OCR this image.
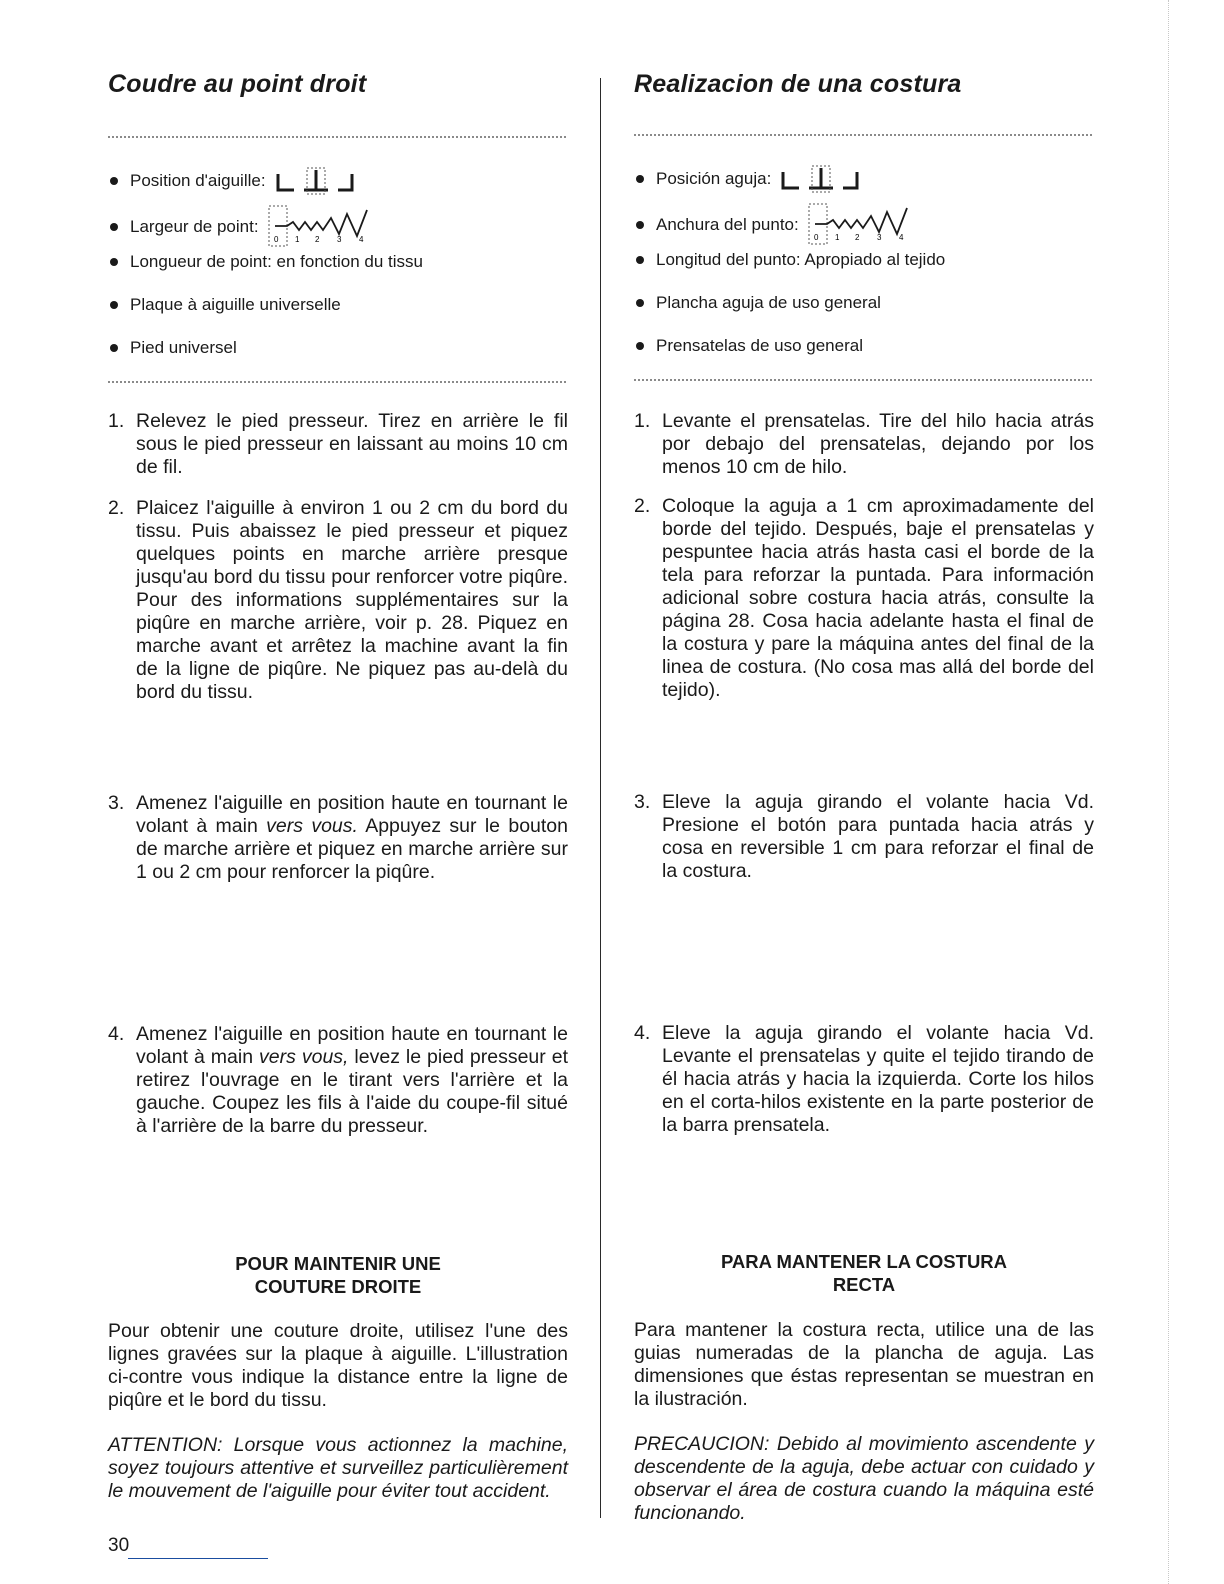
Coudre au point droit
Position d'aiguille:
Largeur de point:
0 1 2 3 4
Longueur de point: en fonction du tissu
Plaque à aiguille universelle
Pied universel
1. Relevez le pied presseur. Tirez en arrière le fil sous le pied presseur en laissant au moins 10 cm de fil.
2. Plaicez l'aiguille à environ 1 ou 2 cm du bord du tissu. Puis abaissez le pied presseur et piquez quelques points en marche arrière presque jusqu'au bord du tissu pour renforcer votre piqûre. Pour des informations supplémentaires sur la piqûre en marche arrière, voir p. 28. Piquez en marche avant et arrêtez la machine avant la fin de la ligne de piqûre. Ne piquez pas au-delà du bord du tissu.
3. Amenez l'aiguille en position haute en tournant le volant à main vers vous. Appuyez sur le bouton de marche arrière et piquez en marche arrière sur 1 ou 2 cm pour renforcer la piqûre.
4. Amenez l'aiguille en position haute en tournant le volant à main vers vous, levez le pied presseur et retirez l'ouvrage en le tirant vers l'arrière et la gauche. Coupez les fils à l'aide du coupe-fil situé à l'arrière de la barre du presseur.
POUR MAINTENIR UNE
COUTURE DROITE

Pour obtenir une couture droite, utilisez l'une des lignes gravées sur la plaque à aiguille. L'illustration ci-contre vous indique la distance entre la ligne de piqûre et le bord du tissu.

ATTENTION: Lorsque vous actionnez la machine, soyez toujours attentive et surveillez particulièrement le mouvement de l'aiguille pour éviter tout accident.

Realizacion de una costura
Posición aguja:
Anchura del punto:
0 1 2 3 4
Longitud del punto: Apropiado al tejido
Plancha aguja de uso general
Prensatelas de uso general
1. Levante el prensatelas. Tire del hilo hacia atrás por debajo del prensatelas, dejando por los menos 10 cm de hilo.
2. Coloque la aguja a 1 cm aproximadamente del borde del tejido. Después, baje el prensatelas y pespuntee hacia atrás hasta casi el borde de la tela para reforzar la puntada. Para información adicional sobre costura hacia atrás, consulte la página 28. Cosa hacia adelante hasta el final de la costura y pare la máquina antes del final de la linea de costura. (No cosa mas allá del borde del tejido).
3. Eleve la aguja girando el volante hacia Vd. Presione el botón para puntada hacia atrás y cosa en reversible 1 cm para reforzar el final de la costura.
4. Eleve la aguja girando el volante hacia Vd. Levante el prensatelas y quite el tejido tirando de él hacia atrás y hacia la izquierda. Corte los hilos en el corta-hilos existente en la parte posterior de la barra prensatela.
PARA MANTENER LA COSTURA
RECTA

Para mantener la costura recta, utilice una de las guias numeradas de la plancha de aguja. Las dimensiones que éstas representan se muestran en la ilustración.

PRECAUCION: Debido al movimiento ascendente y descendente de la aguja, debe actuar con cuidado y observar el área de costura cuando la máquina esté funcionando.

30
